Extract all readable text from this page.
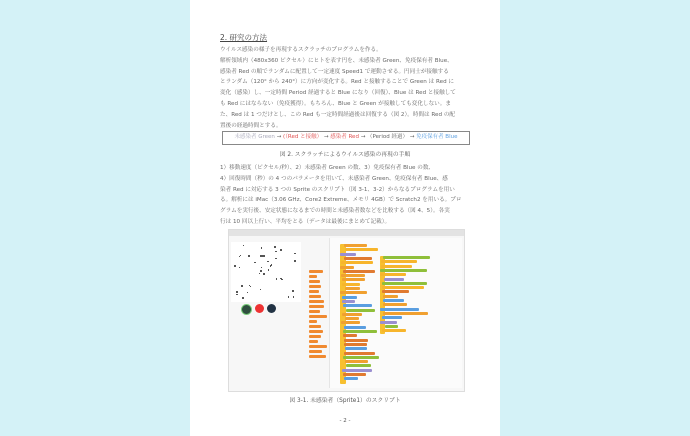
2. 研究の方法
ウイルス感染の様子を再現するスクラッチのプログラムを作る。
解析領域内（480x360 ピクセル）にヒトを表す円を、未感染者 Green、免疫保有者 Blue、
感染者 Red の順でランダムに配置して一定速度 Speed1 で運動させる。円同士が接触する
とランダム（120° から 240°）に方向が変化する。Red と接触することで Green は Red に
変化（感染）し、一定時間 Period 経過すると Blue になり（回復）、Blue は Red と接触して
も Red にはならない（免疫獲得）。もちろん、Blue と Green が接触しても変化しない。ま
た、Red は 1 つだけとし、この Red も一定時間経過後は回復する（図 2）。時間は Red の配
置後の経過時間とする。
未感染者 Green → (（Red と接触） → 感染者 Red → （Period 経過） → 免疫保有者 Blue
図 2. スクラッチによるウイルス感染の再現の手順
1）移動速度（ピクセル/秒）、2）未感染者 Green の数、3）免疫保有者 Blue の数、
4）回復時間（秒）の 4 つのパラメータを用いて、未感染者 Green、免疫保有者 Blue、感
染者 Red に対応する 3 つの Sprite のスクリプト（図 3-1、3-2）からなるプログラムを用い
る。解析には iMac（3.06 GHz、Core2 Extreme、メモリ 4GB）で Scratch2 を用いる。プロ
グラムを実行後、安定状態になるまでの時間と未感染者数などを比較する（図 4、5）。各実
行は 10 回以上行い、平均をとる（データは最後にまとめて記載）。
図 3-1. 未感染者（Sprite1）のスクリプト
- 2 -
